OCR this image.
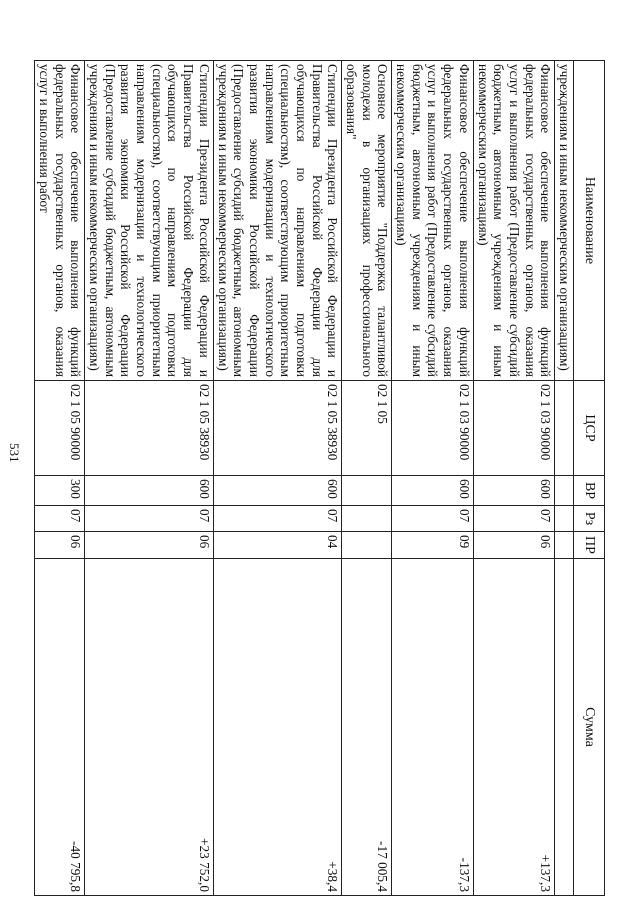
531
Наименование	ЦСР	ВР	Рз	ПР	Сумма
учреждениям и иным некоммерческим организациям)					
Финансовое обеспечение выполнения функций федеральных государственных органов, оказания услуг и выполнения работ (Предоставление субсидий бюджетным, автономным учреждениям и иным некоммерческим организациям)	02 1 03 90000	600	07	06	+137,3
Финансовое обеспечение выполнения функций федеральных государственных органов, оказания услуг и выполнения работ (Предоставление субсидий бюджетным, автономным учреждениям и иным некоммерческим организациям)	02 1 03 90000	600	07	09	-137,3
Основное мероприятие "Поддержка талантливой молодежи в организациях профессионального образования"	02 1 05				-17 005,4
Стипендии Президента Российской Федерации и Правительства Российской Федерации для обучающихся по направлениям подготовки (специальностям), соответствующим приоритетным направлениям модернизации и технологического развития экономики Российской Федерации (Предоставление субсидий бюджетным, автономным учреждениям и иным некоммерческим организациям)	02 1 05 38930	600	07	04	+38,4
Стипендии Президента Российской Федерации и Правительства Российской Федерации для обучающихся по направлениям подготовки (специальностям), соответствующим приоритетным направлениям модернизации и технологического развития экономики Российской Федерации (Предоставление субсидий бюджетным, автономным учреждениям и иным некоммерческим организациям)	02 1 05 38930	600	07	06	+23 752,0
Финансовое обеспечение выполнения функций федеральных государственных органов, оказания услуг и выполнения работ	02 1 05 90000	300	07	06	-40 795,8
